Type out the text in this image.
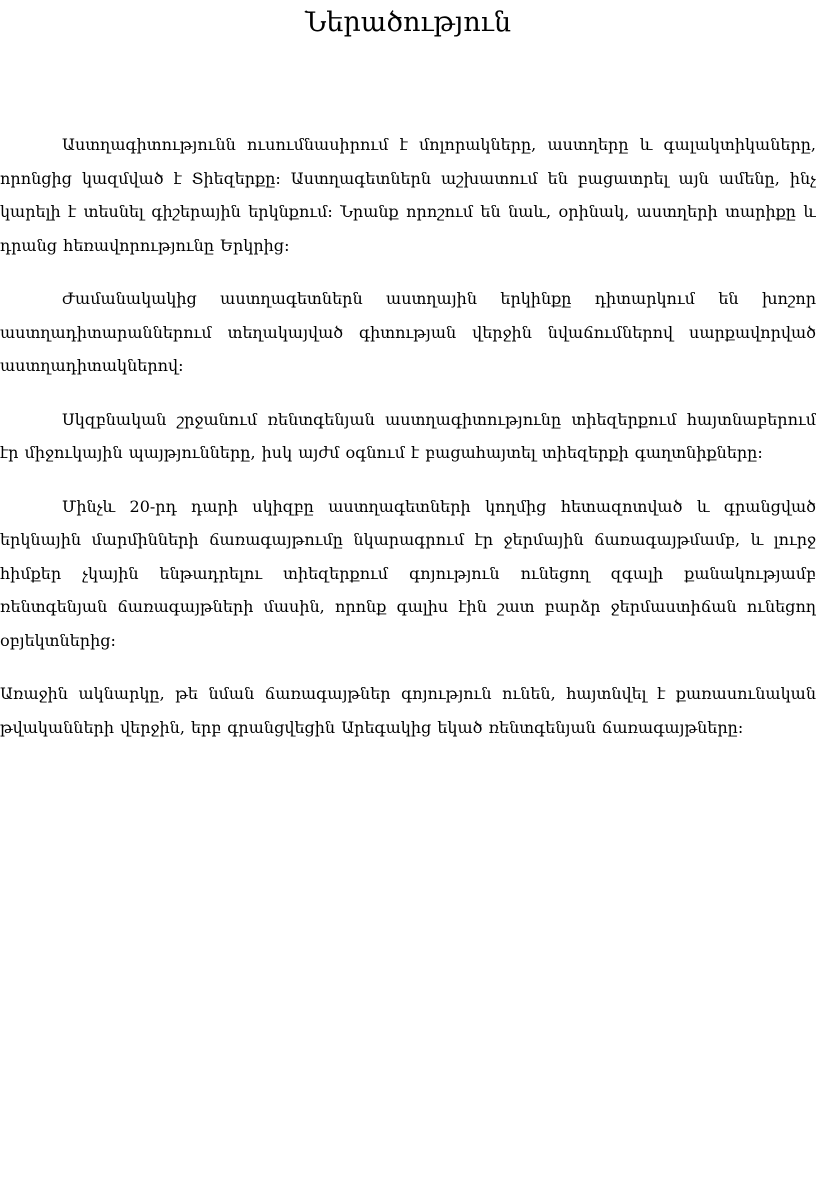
Ներածություն

Աստղագիտությունն ուսումնասիրում է մոլորակները, աստղերը և գալակտիկաները, որոնցից կազմված է Տիեզերքը: Աստղագետներն աշխատում են բացատրել այն ամենը, ինչ կարելի է տեսնել գիշերային երկնքում: Նրանք որոշում են նաև, օրինակ, աստղերի տարիքը և դրանց հեռավորությունը Երկրից:

Ժամանակակից աստղագետներն աստղային երկինքը դիտարկում են խոշոր աստղադիտարաններում տեղակայված գիտության վերջին նվաճումներով սարքավորված աստղադիտակներով:

Սկզբնական շրջանում ռենտգենյան աստղագիտությունը տիեզերքում հայտնաբերում էր միջուկային պայթյունները, իսկ այժմ օգնում է բացահայտել տիեզերքի գաղտնիքները:

Մինչև 20-րդ դարի սկիզբը աստղագետների կողմից հետազոտված և գրանցված երկնային մարմինների ճառագայթումը նկարագրում էր ջերմային ճառագայթմամբ, և լուրջ հիմքեր չկային ենթադրելու տիեզերքում գոյություն ունեցող զգալի քանակությամբ ռենտգենյան ճառագայթների մասին, որոնք գալիս էին շատ բարձր ջերմաստիճան ունեցող օբյեկտներից:

Առաջին ակնարկը, թե նման ճառագայթներ գոյություն ունեն, հայտնվել է քառասունական թվականների վերջին, երբ գրանցվեցին Արեգակից եկած ռենտգենյան ճառագայթները:
